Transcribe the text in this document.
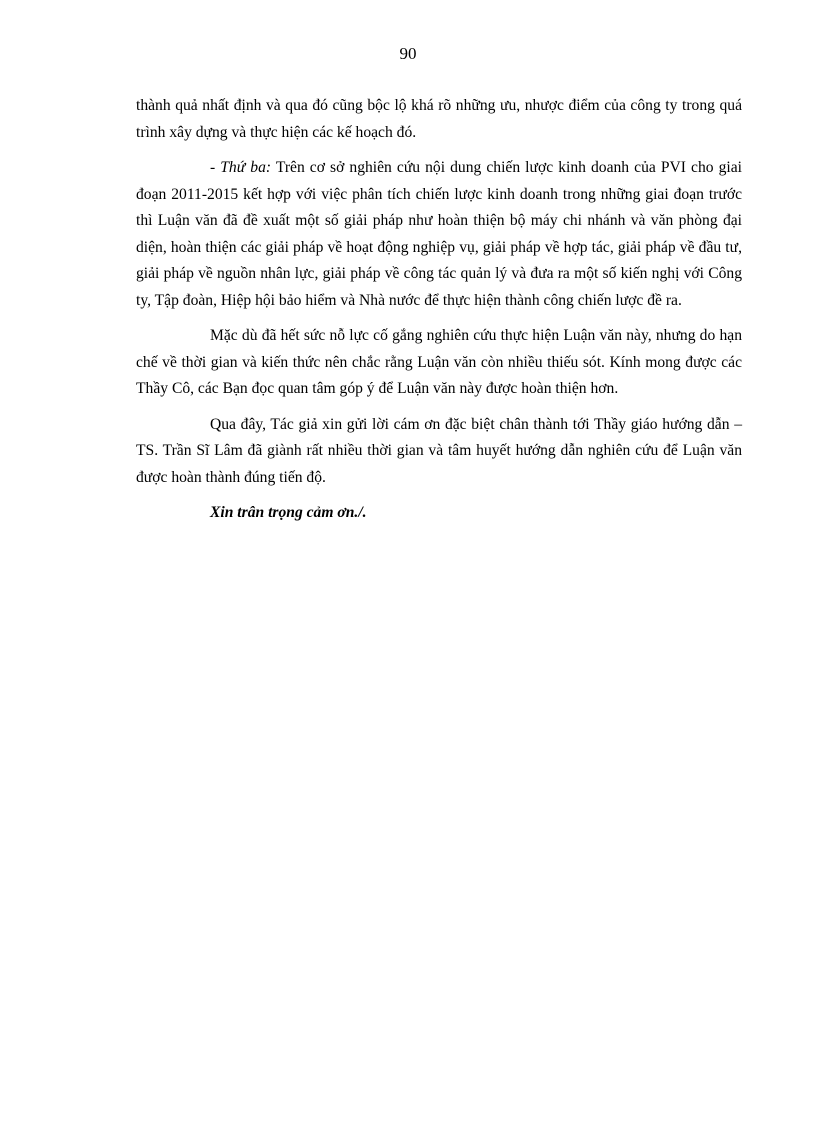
90

thành quả nhất định và qua đó cũng bộc lộ khá rõ những ưu, nhược điểm của công ty trong quá trình xây dựng và thực hiện các kế hoạch đó.

- Thứ ba: Trên cơ sở nghiên cứu nội dung chiến lược kinh doanh của PVI cho giai đoạn 2011-2015 kết hợp với việc phân tích chiến lược kinh doanh trong những giai đoạn trước thì Luận văn đã đề xuất một số giải pháp như hoàn thiện bộ máy chi nhánh và văn phòng đại diện, hoàn thiện các giải pháp về hoạt động nghiệp vụ, giải pháp về hợp tác, giải pháp về đầu tư, giải pháp về nguồn nhân lực, giải pháp về công tác quản lý và đưa ra một số kiến nghị với Công ty, Tập đoàn, Hiệp hội bảo hiểm và Nhà nước để thực hiện thành công chiến lược đề ra.

Mặc dù đã hết sức nỗ lực cố gắng nghiên cứu thực hiện Luận văn này, nhưng do hạn chế về thời gian và kiến thức nên chắc rằng Luận văn còn nhiều thiếu sót. Kính mong được các Thầy Cô, các Bạn đọc quan tâm góp ý để Luận văn này được hoàn thiện hơn.

Qua đây, Tác giả xin gửi lời cám ơn đặc biệt chân thành tới Thầy giáo hướng dẫn – TS. Trần Sĩ Lâm đã giành rất nhiều thời gian và tâm huyết hướng dẫn nghiên cứu để Luận văn được hoàn thành đúng tiến độ.

Xin trân trọng cảm ơn./.
